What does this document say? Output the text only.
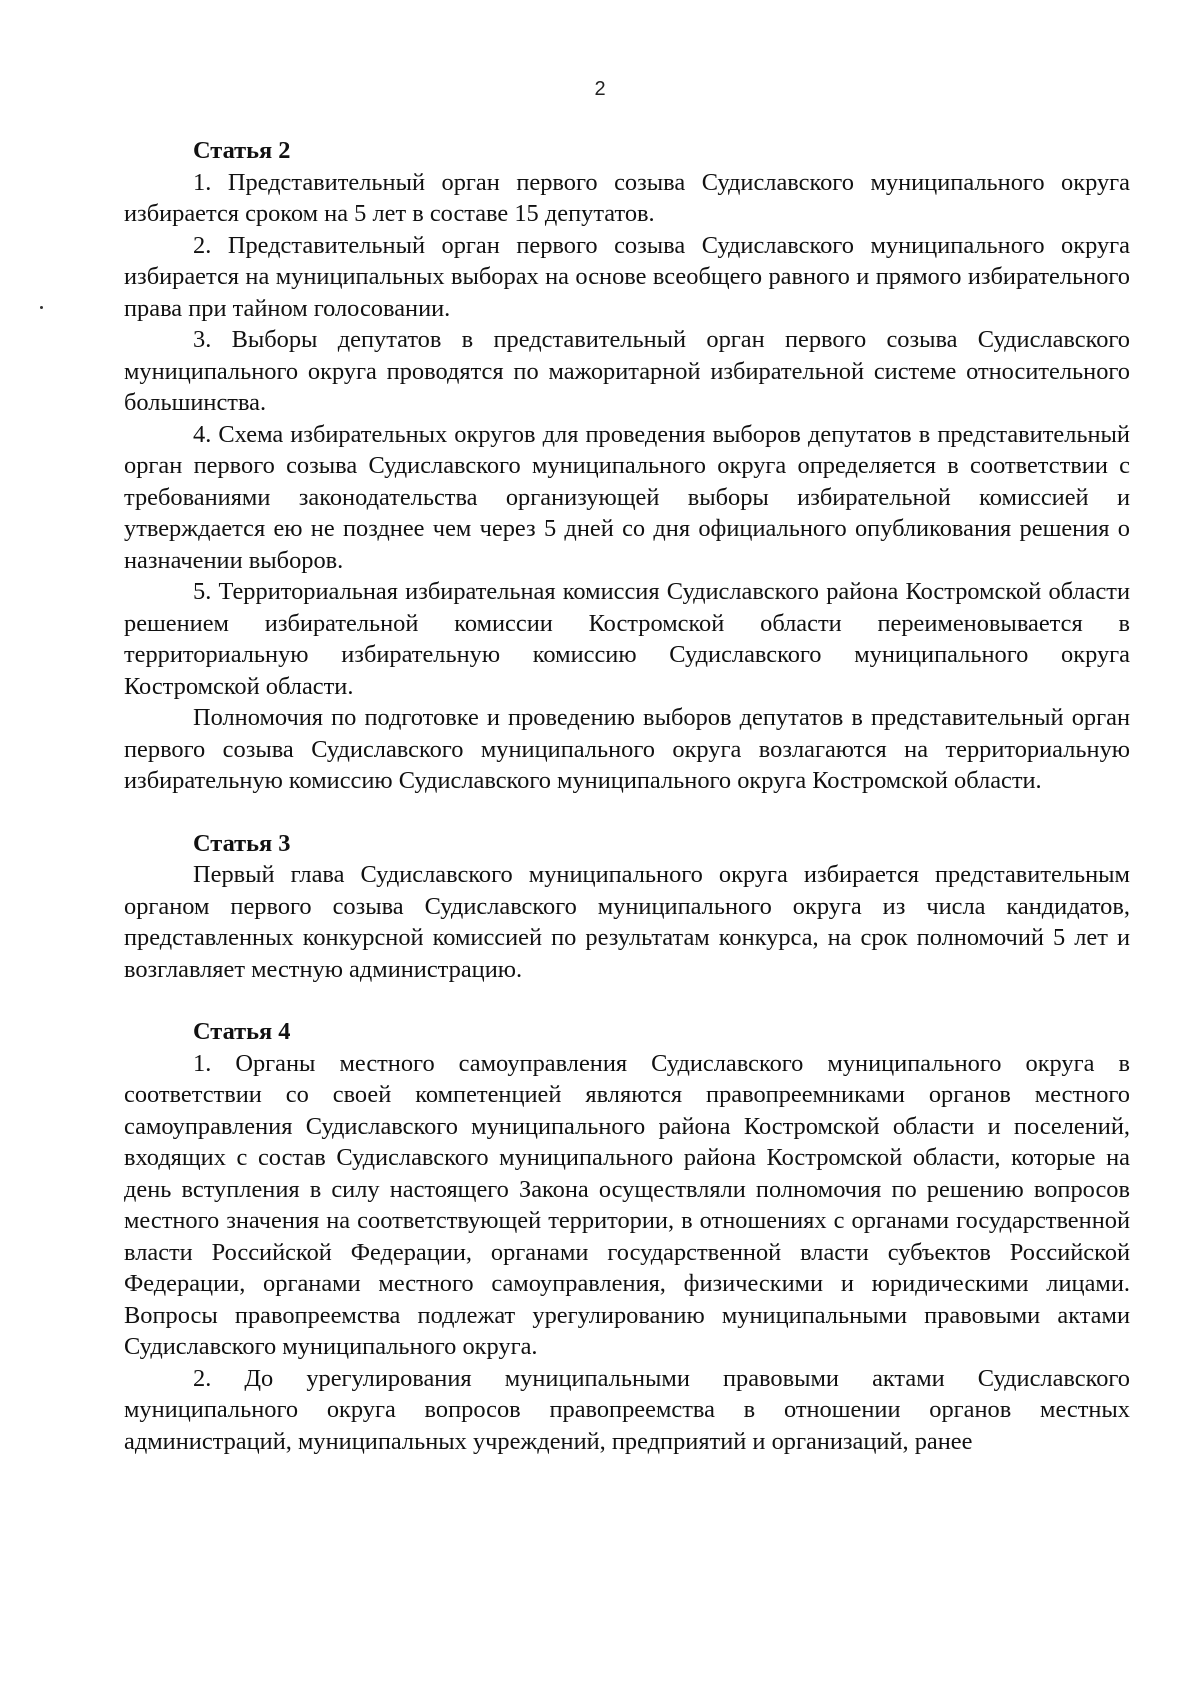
2

Статья 2

1. Представительный орган первого созыва Судиславского муниципального округа избирается сроком на 5 лет в составе 15 депутатов.

2. Представительный орган первого созыва Судиславского муниципального округа избирается на муниципальных выборах на основе всеобщего равного и прямого избирательного права при тайном голосовании.

3. Выборы депутатов в представительный орган первого созыва Судиславского муниципального округа проводятся по мажоритарной избирательной системе относительного большинства.

4. Схема избирательных округов для проведения выборов депутатов в представительный орган первого созыва Судиславского муниципального округа определяется в соответствии с требованиями законодательства организующей выборы избирательной комиссией и утверждается ею не позднее чем через 5 дней со дня официального опубликования решения о назначении выборов.

5. Территориальная избирательная комиссия Судиславского района Костромской области решением избирательной комиссии Костромской области переименовывается в территориальную избирательную комиссию Судиславского муниципального округа Костромской области.

Полномочия по подготовке и проведению выборов депутатов в представительный орган первого созыва Судиславского муниципального округа возлагаются на территориальную избирательную комиссию Судиславского муниципального округа Костромской области.

Статья 3

Первый глава Судиславского муниципального округа избирается представительным органом первого созыва Судиславского муниципального округа из числа кандидатов, представленных конкурсной комиссией по результатам конкурса, на срок полномочий 5 лет и возглавляет местную администрацию.

Статья 4

1. Органы местного самоуправления Судиславского муниципального округа в соответствии со своей компетенцией являются правопреемниками органов местного самоуправления Судиславского муниципального района Костромской области и поселений, входящих с состав Судиславского муниципального района Костромской области, которые на день вступления в силу настоящего Закона осуществляли полномочия по решению вопросов местного значения на соответствующей территории, в отношениях с органами государственной власти Российской Федерации, органами государственной власти субъектов Российской Федерации, органами местного самоуправления, физическими и юридическими лицами. Вопросы правопреемства подлежат урегулированию муниципальными правовыми актами Судиславского муниципального округа.

2. До урегулирования муниципальными правовыми актами Судиславского муниципального округа вопросов правопреемства в отношении органов местных администраций, муниципальных учреждений, предприятий и организаций, ранее
